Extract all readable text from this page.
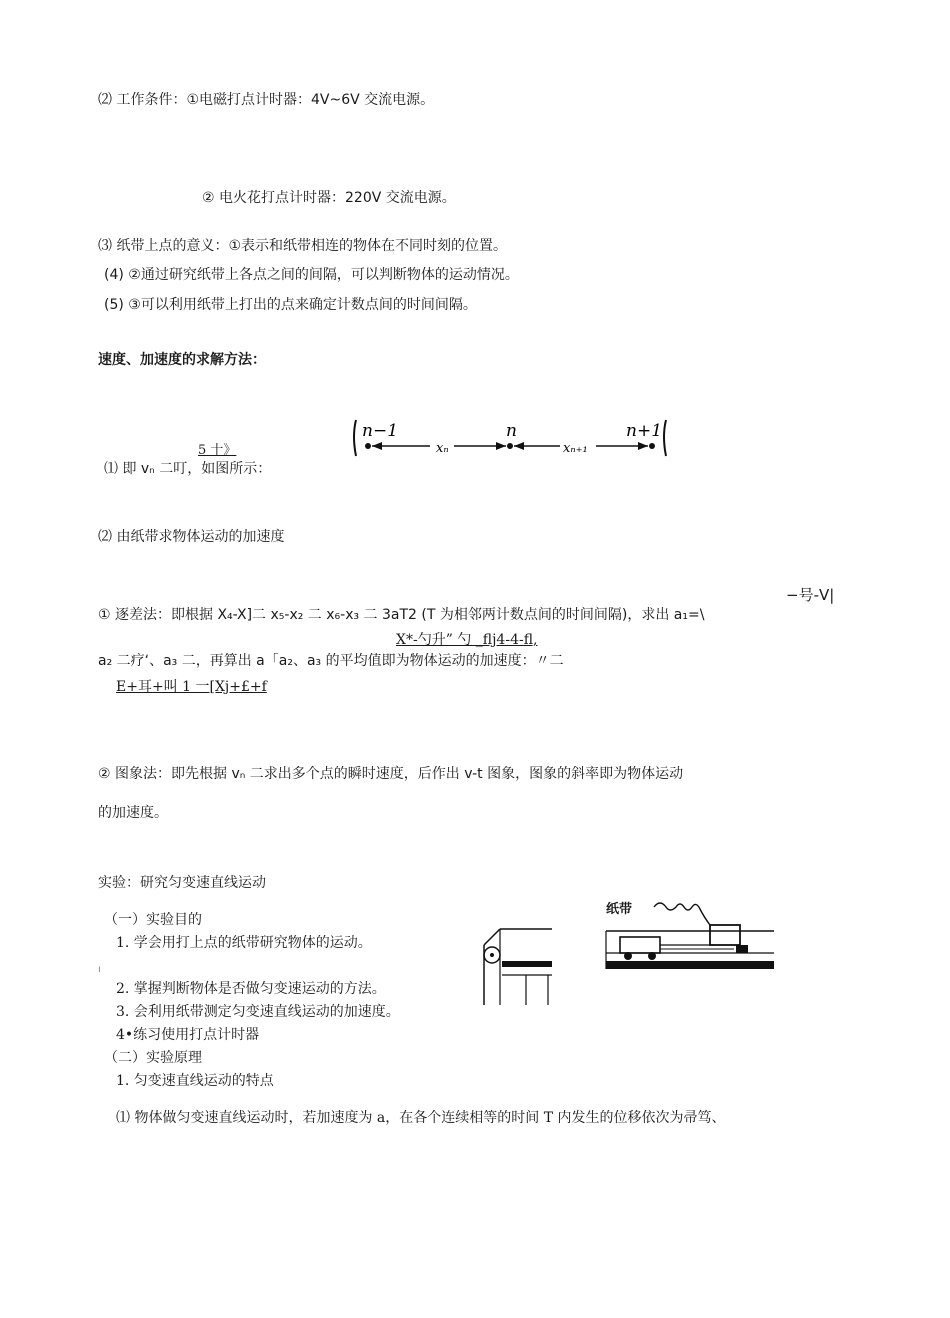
⑵ 工作条件：①电磁打点计时器：4V~6V 交流电源。
② 电火花打点计时器：220V 交流电源。
⑶ 纸带上点的意义：①表示和纸带相连的物体在不同时刻的位置。
(4) ②通过研究纸带上各点之间的间隔，可以判断物体的运动情况。
(5) ③可以利用纸带上打出的点来确定计数点间的时间间隔。
速度、加速度的求解方法：
5 十》
⑴ 即 vₙ 二叮，如图所示：
n−1	n	n+1
xₙ	xₙ₊₁
⑵ 由纸带求物体运动的加速度
−号-V|
① 逐差法：即根据 X₄-X]二 x₅-x₂ 二 x₆-x₃ 二 3aT2 (T 为相邻两计数点间的时间间隔)，求出 a₁=\
X*-勺升” 勺 _flj4-4-fl,
a₂ 二疗‘、a₃ 二，再算出 a「a₂、a₃ 的平均值即为物体运动的加速度：〃二
E+耳+叫 1 一[Xj+£+f
② 图象法：即先根据 vₙ 二求出多个点的瞬时速度，后作出 v-t 图象，图象的斜率即为物体运动
的加速度。
实验：研究匀变速直线运动
（一）实验目的
1. 学会用打上点的纸带研究物体的运动。
2. 掌握判断物体是否做匀变速运动的方法。
3. 会利用纸带测定匀变速直线运动的加速度。
4•练习使用打点计时器
（二）实验原理
1. 匀变速直线运动的特点
⑴ 物体做匀变速直线运动时，若加速度为 a，在各个连续相等的时间 T 内发生的位移依次为帚笃、
纸带
ı
